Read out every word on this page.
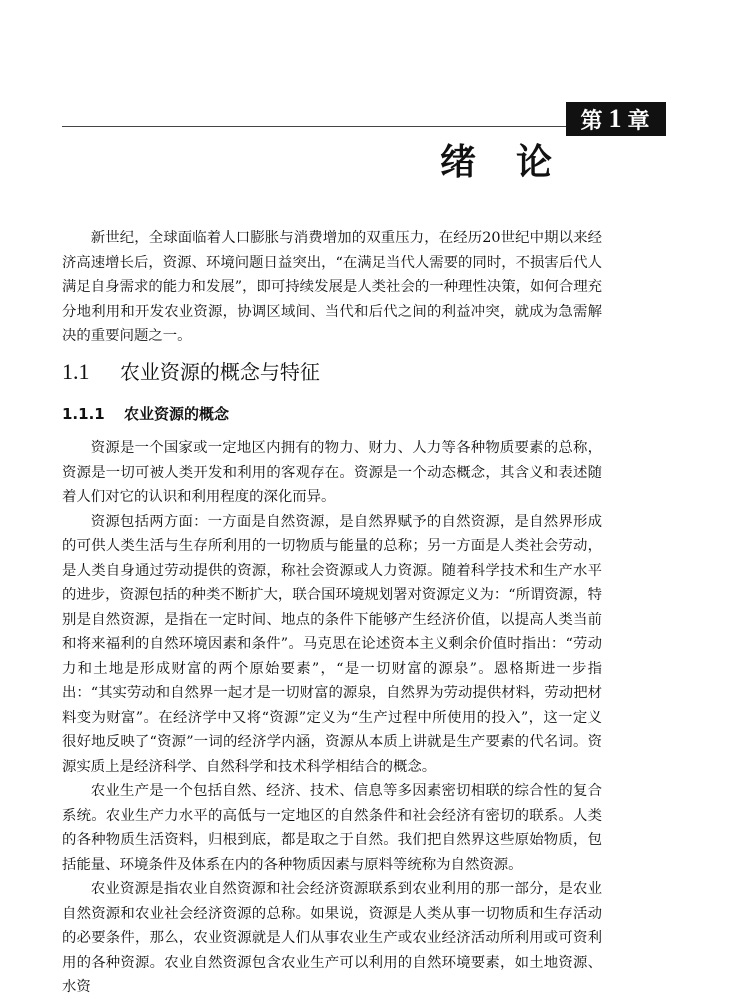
第 1 章
绪论

新世纪，全球面临着人口膨胀与消费增加的双重压力，在经历20世纪中期以来经济高速增长后，资源、环境问题日益突出，“在满足当代人需要的同时，不损害后代人满足自身需求的能力和发展”，即可持续发展是人类社会的一种理性决策，如何合理充分地利用和开发农业资源，协调区域间、当代和后代之间的利益冲突，就成为急需解决的重要问题之一。

1.1 农业资源的概念与特征
1.1.1 农业资源的概念

资源是一个国家或一定地区内拥有的物力、财力、人力等各种物质要素的总称，资源是一切可被人类开发和利用的客观存在。资源是一个动态概念，其含义和表述随着人们对它的认识和利用程度的深化而异。

资源包括两方面：一方面是自然资源，是自然界赋予的自然资源，是自然界形成的可供人类生活与生存所利用的一切物质与能量的总称；另一方面是人类社会劳动，是人类自身通过劳动提供的资源，称社会资源或人力资源。随着科学技术和生产水平的进步，资源包括的种类不断扩大，联合国环境规划署对资源定义为：“所谓资源，特别是自然资源，是指在一定时间、地点的条件下能够产生经济价值，以提高人类当前和将来福利的自然环境因素和条件”。马克思在论述资本主义剩余价值时指出：“劳动力和土地是形成财富的两个原始要素”，“是一切财富的源泉”。恩格斯进一步指出：“其实劳动和自然界一起才是一切财富的源泉，自然界为劳动提供材料，劳动把材料变为财富”。在经济学中又将“资源”定义为“生产过程中所使用的投入”，这一定义很好地反映了“资源”一词的经济学内涵，资源从本质上讲就是生产要素的代名词。资源实质上是经济科学、自然科学和技术科学相结合的概念。

农业生产是一个包括自然、经济、技术、信息等多因素密切相联的综合性的复合系统。农业生产力水平的高低与一定地区的自然条件和社会经济有密切的联系。人类的各种物质生活资料，归根到底，都是取之于自然。我们把自然界这些原始物质，包括能量、环境条件及体系在内的各种物质因素与原料等统称为自然资源。

农业资源是指农业自然资源和社会经济资源联系到农业利用的那一部分，是农业自然资源和农业社会经济资源的总称。如果说，资源是人类从事一切物质和生存活动的必要条件，那么，农业资源就是人们从事农业生产或农业经济活动所利用或可资利用的各种资源。农业自然资源包含农业生产可以利用的自然环境要素，如土地资源、水资
